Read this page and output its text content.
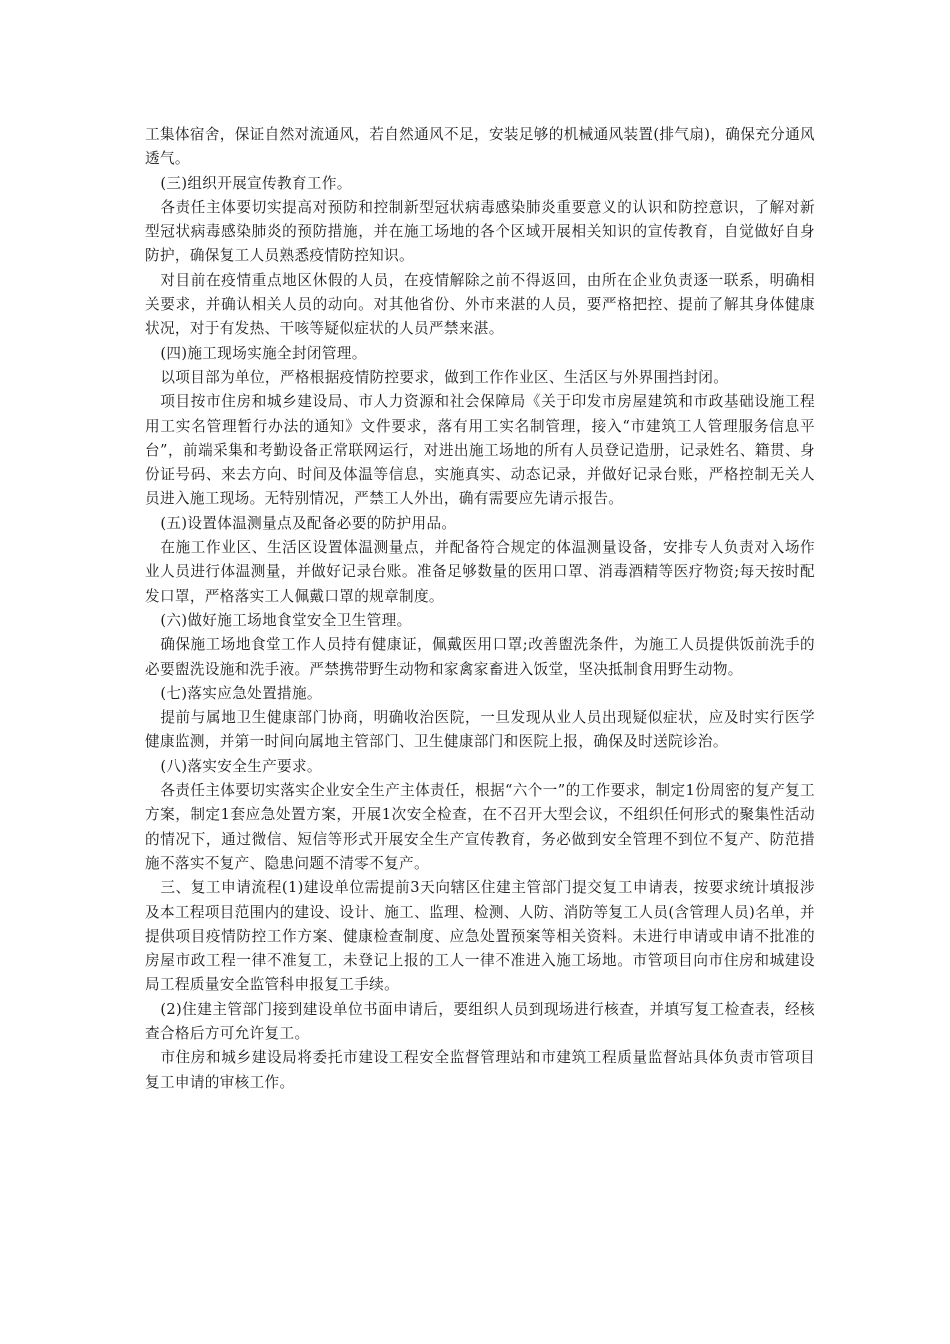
工集体宿舍，保证自然对流通风，若自然通风不足，安装足够的机械通风装置(排气扇)，确保充分通风透气。

(三)组织开展宣传教育工作。

各责任主体要切实提高对预防和控制新型冠状病毒感染肺炎重要意义的认识和防控意识，了解对新型冠状病毒感染肺炎的预防措施，并在施工场地的各个区域开展相关知识的宣传教育，自觉做好自身防护，确保复工人员熟悉疫情防控知识。

对目前在疫情重点地区休假的人员，在疫情解除之前不得返回，由所在企业负责逐一联系，明确相关要求，并确认相关人员的动向。对其他省份、外市来湛的人员，要严格把控、提前了解其身体健康状况，对于有发热、干咳等疑似症状的人员严禁来湛。

(四)施工现场实施全封闭管理。

以项目部为单位，严格根据疫情防控要求，做到工作作业区、生活区与外界围挡封闭。

项目按市住房和城乡建设局、市人力资源和社会保障局《关于印发市房屋建筑和市政基础设施工程用工实名管理暂行办法的通知》文件要求，落有用工实名制管理，接入“市建筑工人管理服务信息平台”，前端采集和考勤设备正常联网运行，对进出施工场地的所有人员登记造册，记录姓名、籍贯、身份证号码、来去方向、时间及体温等信息，实施真实、动态记录，并做好记录台账，严格控制无关人员进入施工现场。无特别情况，严禁工人外出，确有需要应先请示报告。

(五)设置体温测量点及配备必要的防护用品。

在施工作业区、生活区设置体温测量点，并配备符合规定的体温测量设备，安排专人负责对入场作业人员进行体温测量，并做好记录台账。准备足够数量的医用口罩、消毒酒精等医疗物资;每天按时配发口罩，严格落实工人佩戴口罩的规章制度。

(六)做好施工场地食堂安全卫生管理。

确保施工场地食堂工作人员持有健康证，佩戴医用口罩;改善盥洗条件，为施工人员提供饭前洗手的必要盥洗设施和洗手液。严禁携带野生动物和家禽家畜进入饭堂，坚决抵制食用野生动物。

(七)落实应急处置措施。

提前与属地卫生健康部门协商，明确收治医院，一旦发现从业人员出现疑似症状，应及时实行医学健康监测，并第一时间向属地主管部门、卫生健康部门和医院上报，确保及时送院诊治。

(八)落实安全生产要求。

各责任主体要切实落实企业安全生产主体责任，根据“六个一”的工作要求，制定1份周密的复产复工方案，制定1套应急处置方案，开展1次安全检查，在不召开大型会议，不组织任何形式的聚集性活动的情况下，通过微信、短信等形式开展安全生产宣传教育，务必做到安全管理不到位不复产、防范措施不落实不复产、隐患问题不清零不复产。

三、复工申请流程(1)建设单位需提前3天向辖区住建主管部门提交复工申请表，按要求统计填报涉及本工程项目范围内的建设、设计、施工、监理、检测、人防、消防等复工人员(含管理人员)名单，并提供项目疫情防控工作方案、健康检查制度、应急处置预案等相关资料。未进行申请或申请不批准的房屋市政工程一律不准复工，未登记上报的工人一律不准进入施工场地。市管项目向市住房和城建设局工程质量安全监管科申报复工手续。

(2)住建主管部门接到建设单位书面申请后，要组织人员到现场进行核查，并填写复工检查表，经核查合格后方可允许复工。

市住房和城乡建设局将委托市建设工程安全监督管理站和市建筑工程质量监督站具体负责市管项目复工申请的审核工作。
